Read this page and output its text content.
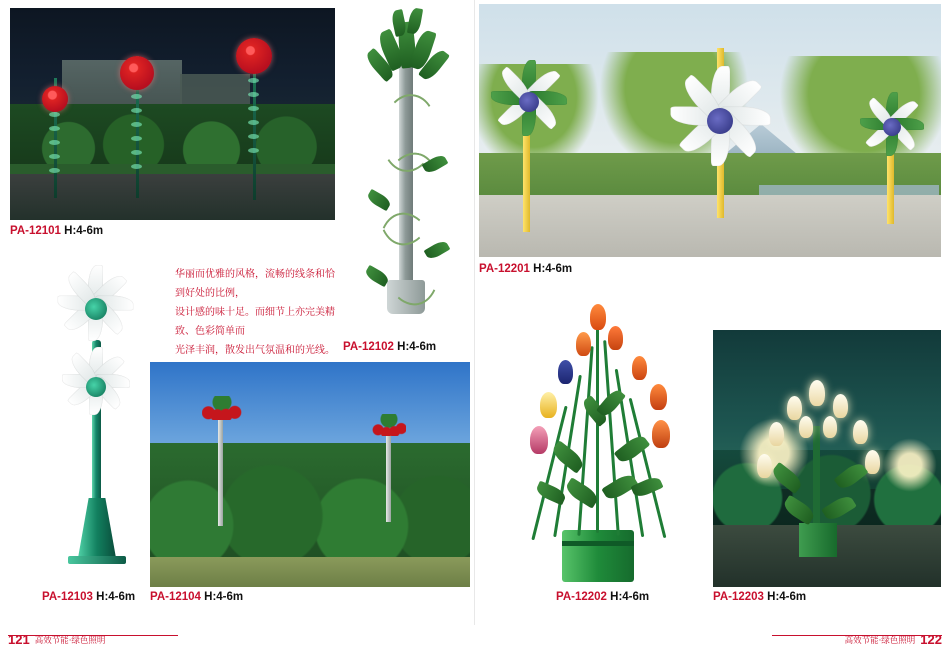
PA-12101 H:4-6m
PA-12102 H:4-6m
华丽而优雅的风格，流畅的线条和恰到好处的比例，
设计感的味十足。而细节上亦完美精致、色彩简单而
光泽丰润，散发出气氛温和的光线。
PA-12103 H:4-6m PA-12104 H:4-6m
PA-12201 H:4-6m
PA-12202 H:4-6m	PA-12203 H:4-6m
121 高效节能·绿色照明	122
高效节能·绿色照明
